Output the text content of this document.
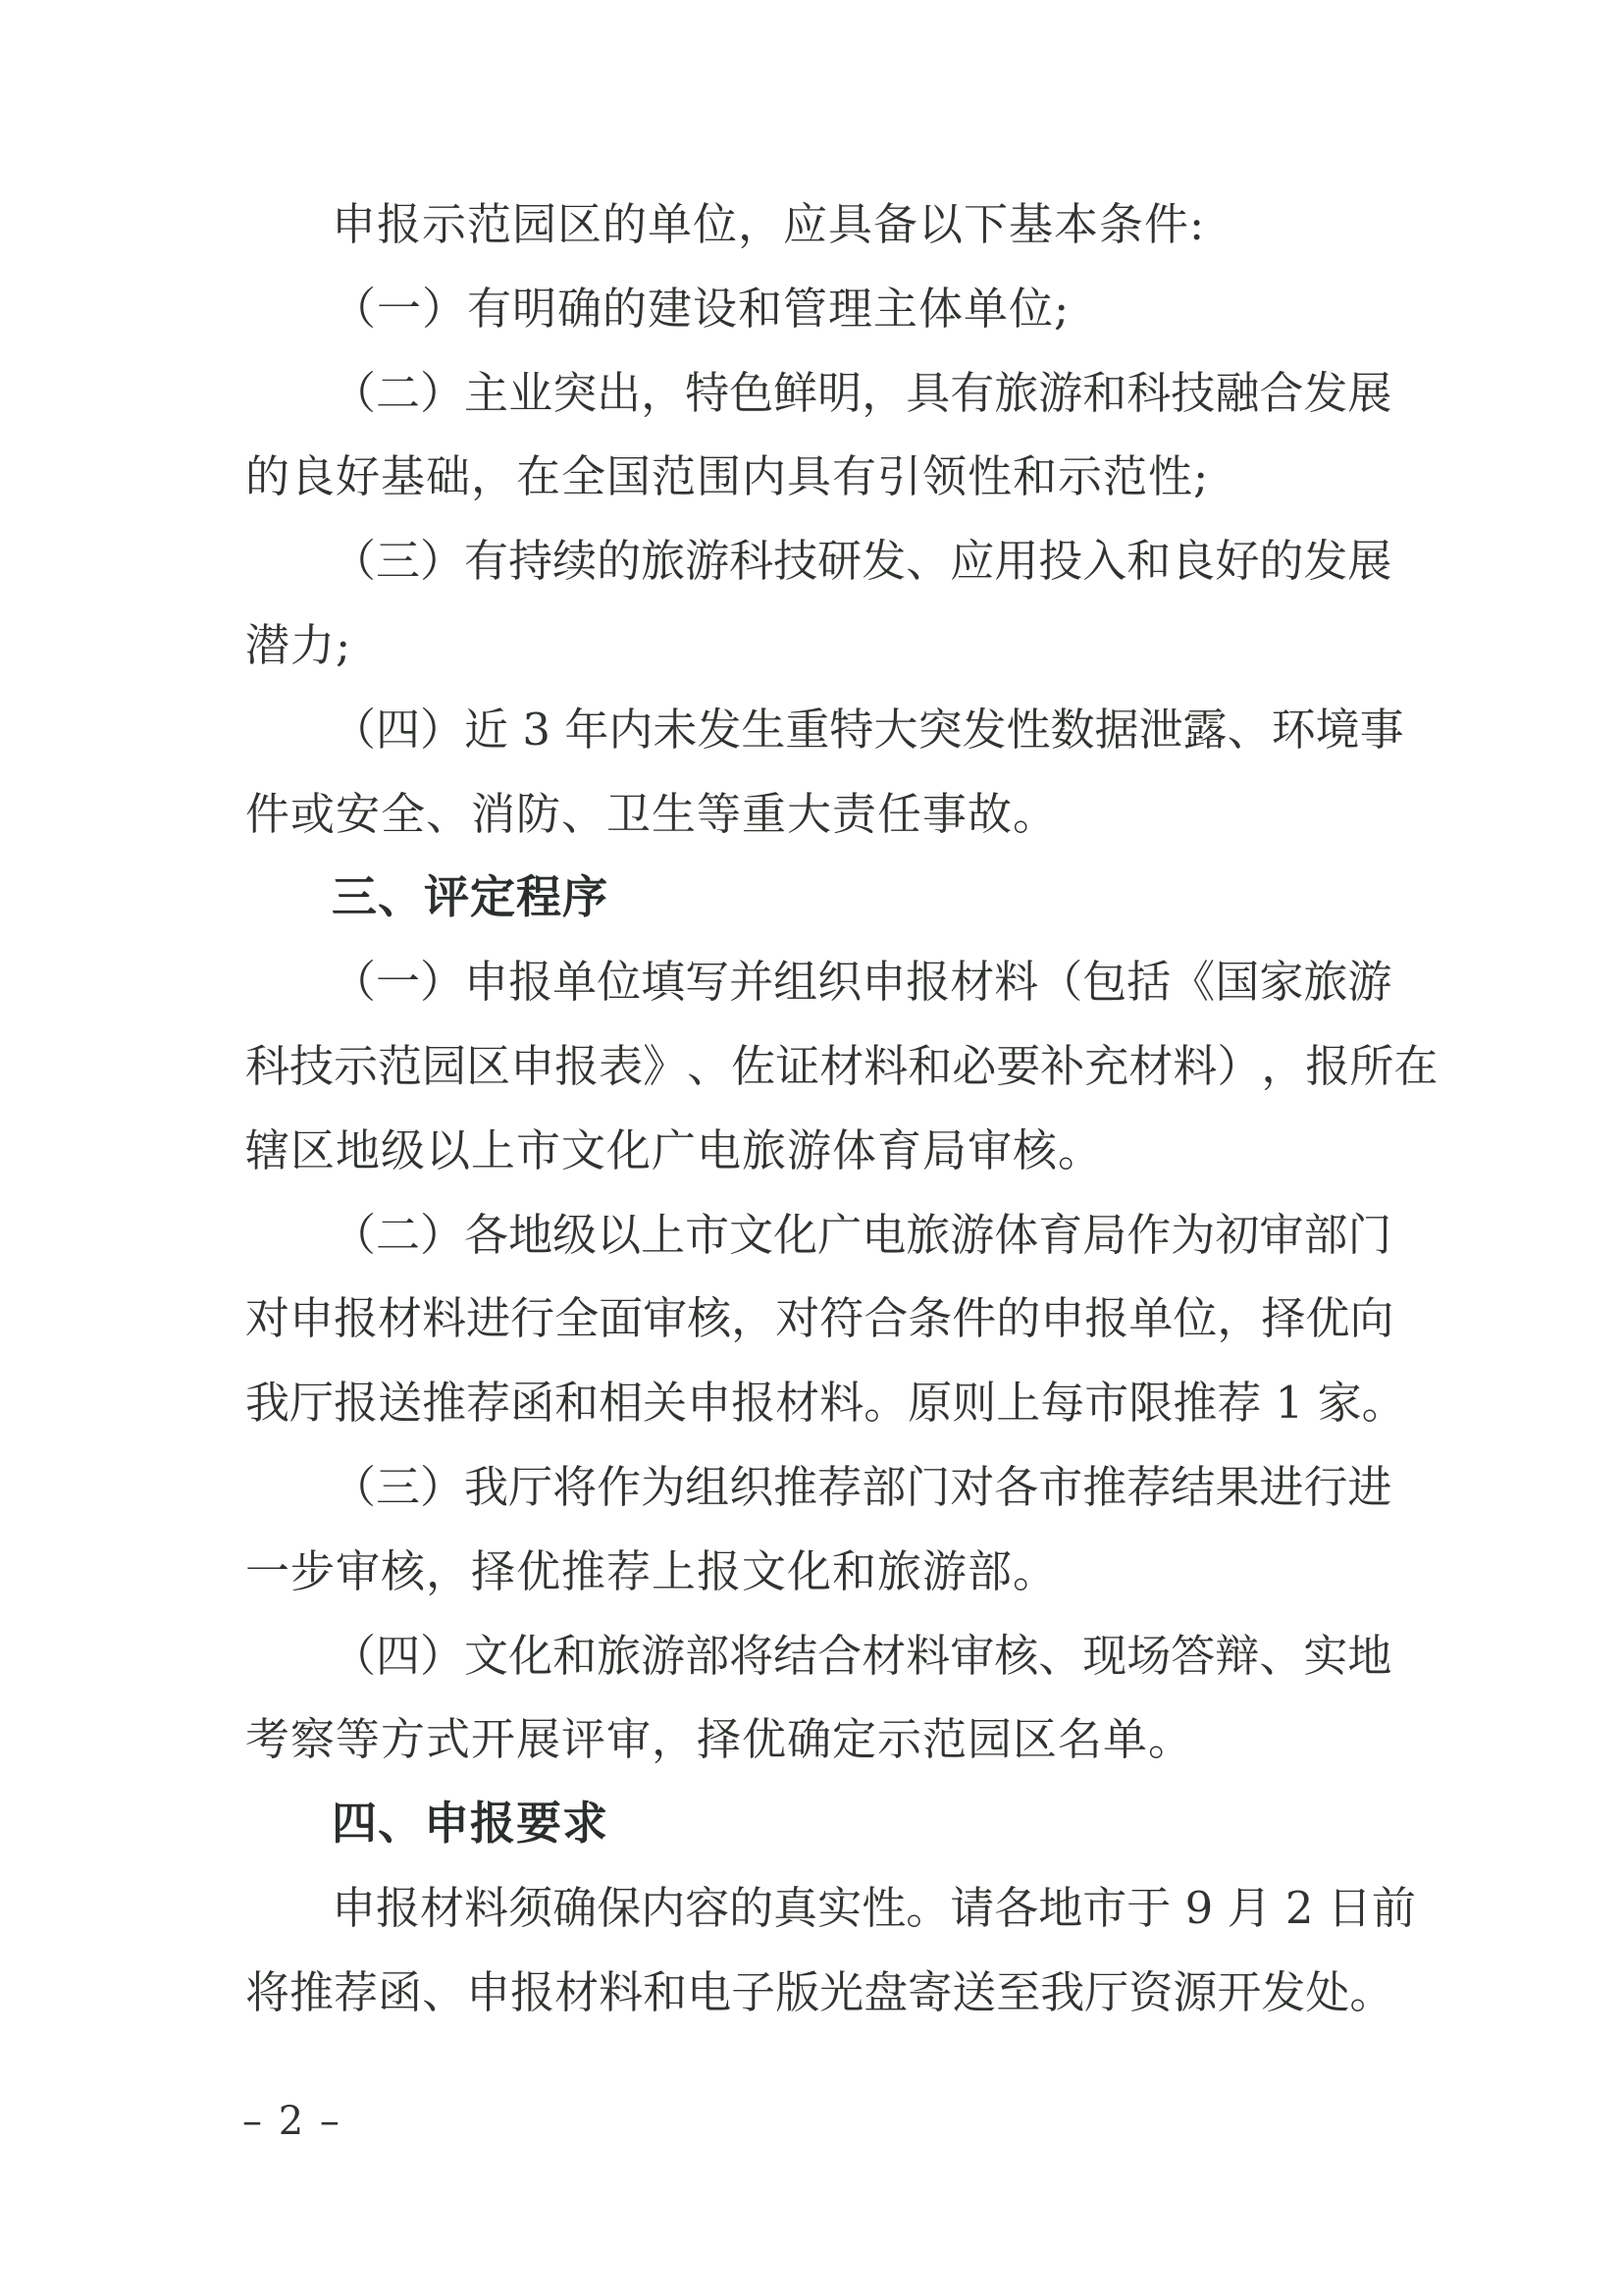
申报示范园区的单位，应具备以下基本条件:
（一）有明确的建设和管理主体单位;
（ 二 ） 主 业 突 出 ， 特 色 鲜 明 ， 具 有 旅 游 和 科 技 融 合 发 展
的良好基础，在全国范围内具有引领性和示范性;
（ 三 ） 有 持 续 的 旅 游 科 技 研 发 、 应 用 投 入 和 良 好 的 发 展
潜力;
（ 四 ） 近
3
年 内 未 发 生 重 特 大 突 发 性 数 据 泄 露 、 环 境 事
件或安全、消防、卫生等重大责任事故。
三、评定程序
（ 一 ） 申 报 单 位 填 写 并 组 织 申 报 材 料 （ 包 括 《 国 家 旅 游
科 技 示 范 园 区 申 报 表 》 、 佐 证 材 料 和 必 要 补 充 材 料 ） ， 报 所 在
辖区地级以上市文化广电旅游体育局审核。
（ 二 ） 各 地 级 以 上 市 文 化 广 电 旅 游 体 育 局 作 为 初 审 部 门
对 申 报 材 料 进 行 全 面 审 核 ， 对 符 合 条 件 的 申 报 单 位 ， 择 优 向
我 厅 报 送 推 荐 函 和 相 关 申 报 材 料 。 原 则 上 每 市 限 推 荐
1
家 。
（ 三 ） 我 厅 将 作 为 组 织 推 荐 部 门 对 各 市 推 荐 结 果 进 行 进
一步审核，择优推荐上报文化和旅游部。
（ 四 ） 文 化 和 旅 游 部 将 结 合 材 料 审 核 、 现 场 答 辩 、 实 地
考察等方式开展评审，择优确定示范园区名单。
四、申报要求
申 报 材 料 须 确 保 内 容 的 真 实 性 。 请 各 地 市 于
9
月
2
日 前
将 推 荐 函 、 申 报 材 料 和 电 子 版 光 盘 寄 送 至 我 厅 资 源 开 发 处 。
– 2 –
